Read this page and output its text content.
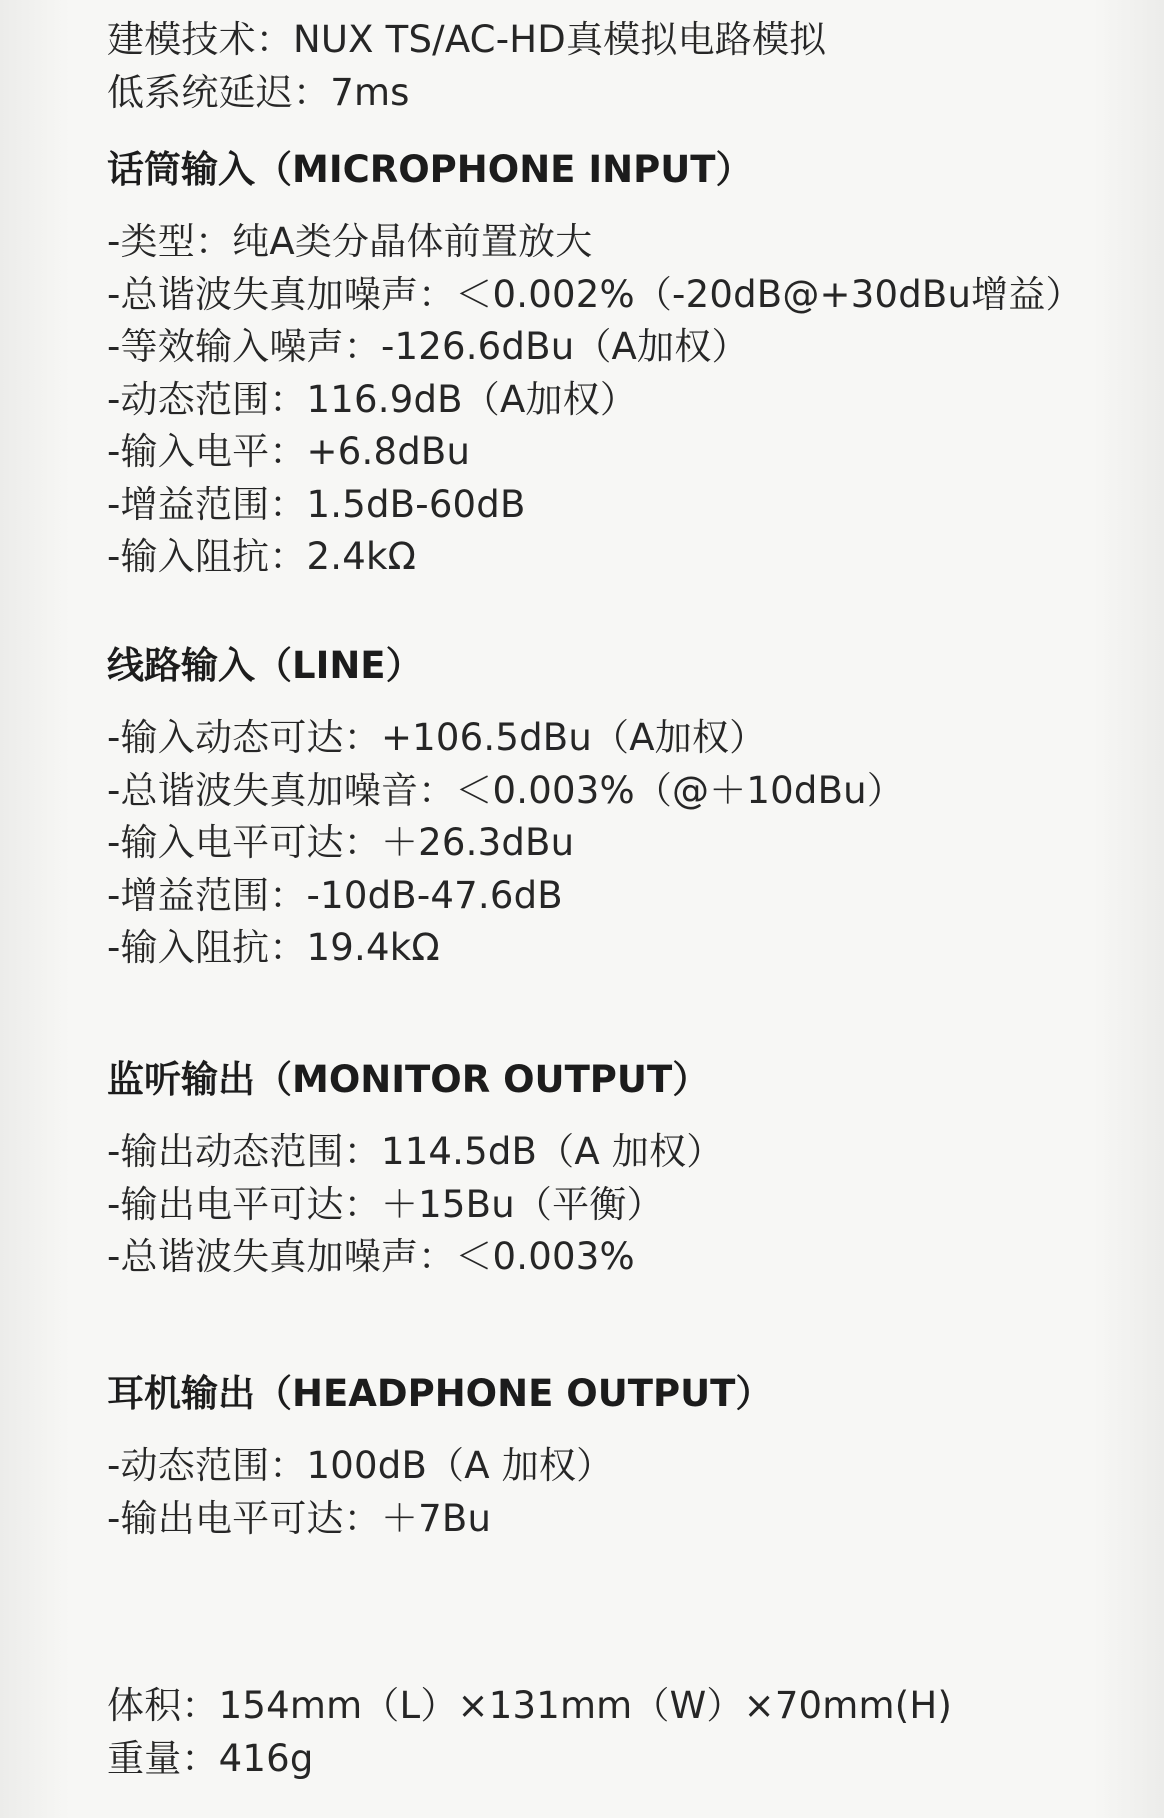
建模技术：NUX TS/AC-HD真模拟电路模拟
低系统延迟：7ms
话筒输入（MICROPHONE INPUT）
-类型：纯A类分晶体前置放大
-总谐波失真加噪声：＜0.002%（-20dB@+30dBu增益）
-等效输入噪声：-126.6dBu（A加权）
-动态范围：116.9dB（A加权）
-输入电平：+6.8dBu
-增益范围：1.5dB-60dB
-输入阻抗：2.4kΩ
线路输入（LINE）
-输入动态可达：+106.5dBu（A加权）
-总谐波失真加噪音：＜0.003%（@＋10dBu）
-输入电平可达：＋26.3dBu
-增益范围：-10dB-47.6dB
-输入阻抗：19.4kΩ
监听输出（MONITOR OUTPUT）
-输出动态范围：114.5dB（A 加权）
-输出电平可达：＋15Bu（平衡）
-总谐波失真加噪声：＜0.003%
耳机输出（HEADPHONE OUTPUT）
-动态范围：100dB（A 加权）
-输出电平可达：＋7Bu
体积：154mm（L）×131mm（W）×70mm(H)
重量：416g
